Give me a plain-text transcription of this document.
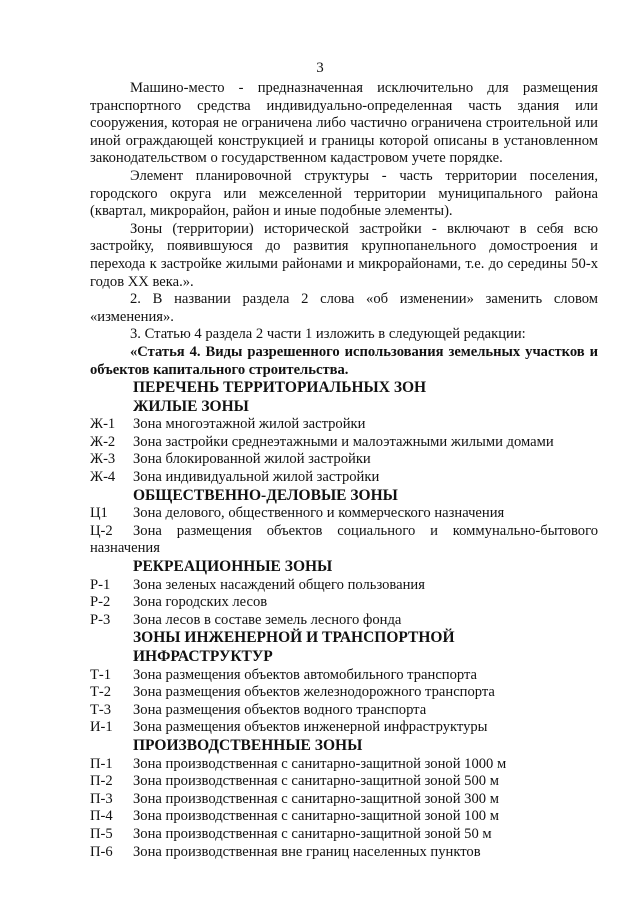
3

Машино-место - предназначенная исключительно для размещения транспортного средства индивидуально-определенная часть здания или сооружения, которая не ограничена либо частично ограничена строительной или иной ограждающей конструкцией и границы которой описаны в установленном законодательством о государственном кадастровом учете порядке.

Элемент планировочной структуры - часть территории поселения, городского округа или межселенной территории муниципального района (квартал, микрорайон, район и иные подобные элементы).

Зоны (территории) исторической застройки - включают в себя всю застройку, появившуюся до развития крупнопанельного домостроения и перехода к застройке жилыми районами и микрорайонами, т.е. до середины 50-х годов XX века.».

2. В названии раздела 2 слова «об изменении» заменить словом «изменения».

3. Статью 4 раздела 2 части 1 изложить в следующей редакции:

«Статья 4. Виды разрешенного использования земельных участков и объектов капитального строительства.

ПЕРЕЧЕНЬ ТЕРРИТОРИАЛЬНЫХ ЗОН
ЖИЛЫЕ ЗОНЫ
Ж-1	Зона многоэтажной жилой застройки
Ж-2	Зона застройки среднеэтажными и малоэтажными жилыми домами
Ж-3	Зона блокированной жилой застройки
Ж-4	Зона индивидуальной жилой застройки
ОБЩЕСТВЕННО-ДЕЛОВЫЕ ЗОНЫ
Ц1	Зона делового, общественного и коммерческого назначения
Ц-2	Зона размещения объектов социального и коммунально-бытового
назначения
РЕКРЕАЦИОННЫЕ ЗОНЫ
Р-1	Зона зеленых насаждений общего пользования
Р-2	Зона городских лесов
Р-3	Зона лесов в составе земель лесного фонда
ЗОНЫ ИНЖЕНЕРНОЙ И ТРАНСПОРТНОЙ ИНФРАСТРУКТУР
Т-1	Зона размещения объектов автомобильного транспорта
Т-2	Зона размещения объектов железнодорожного транспорта
Т-3	Зона размещения объектов водного транспорта
И-1	Зона размещения объектов инженерной инфраструктуры
ПРОИЗВОДСТВЕННЫЕ ЗОНЫ
П-1	Зона производственная с санитарно-защитной зоной 1000 м
П-2	Зона производственная с санитарно-защитной зоной 500 м
П-3	Зона производственная с санитарно-защитной зоной 300 м
П-4	Зона производственная с санитарно-защитной зоной 100 м
П-5	Зона производственная с санитарно-защитной зоной 50 м
П-6	Зона производственная вне границ населенных пунктов
